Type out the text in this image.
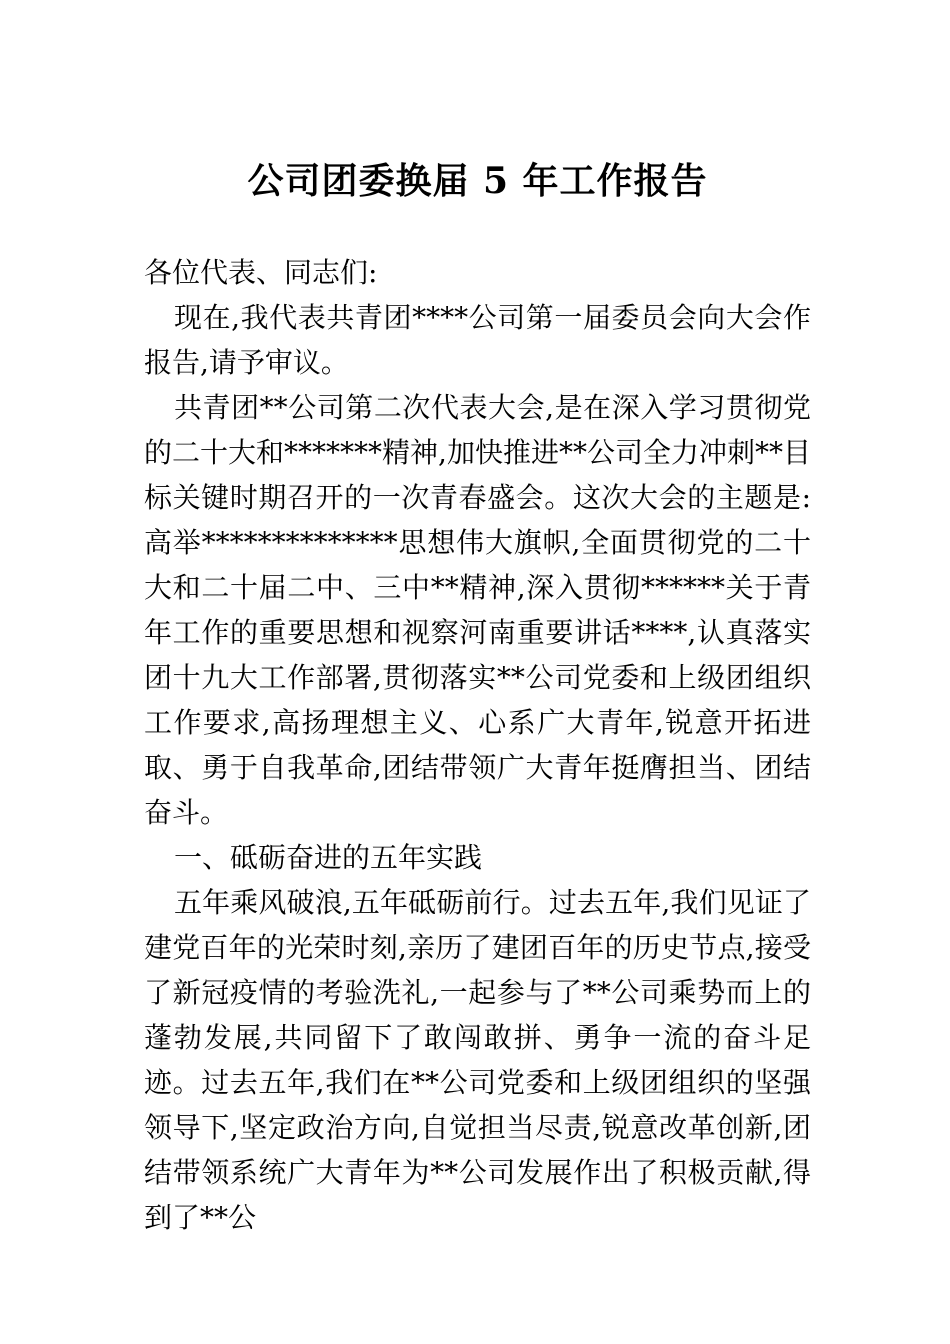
公司团委换届 5 年工作报告

各位代表、同志们:

现在,我代表共青团****公司第一届委员会向大会作报告,请予审议。

共青团**公司第二次代表大会,是在深入学习贯彻党的二十大和*******精神,加快推进**公司全力冲刺**目标关键时期召开的一次青春盛会。这次大会的主题是:高举**************思想伟大旗帜,全面贯彻党的二十大和二十届二中、三中**精神,深入贯彻******关于青年工作的重要思想和视察河南重要讲话****,认真落实团十九大工作部署,贯彻落实**公司党委和上级团组织工作要求,高扬理想主义、心系广大青年,锐意开拓进取、勇于自我革命,团结带领广大青年挺膺担当、团结奋斗。

一、砥砺奋进的五年实践

五年乘风破浪,五年砥砺前行。过去五年,我们见证了建党百年的光荣时刻,亲历了建团百年的历史节点,接受了新冠疫情的考验洗礼,一起参与了**公司乘势而上的蓬勃发展,共同留下了敢闯敢拼、勇争一流的奋斗足迹。过去五年,我们在**公司党委和上级团组织的坚强领导下,坚定政治方向,自觉担当尽责,锐意改革创新,团结带领系统广大青年为**公司发展作出了积极贡献,得到了**公
